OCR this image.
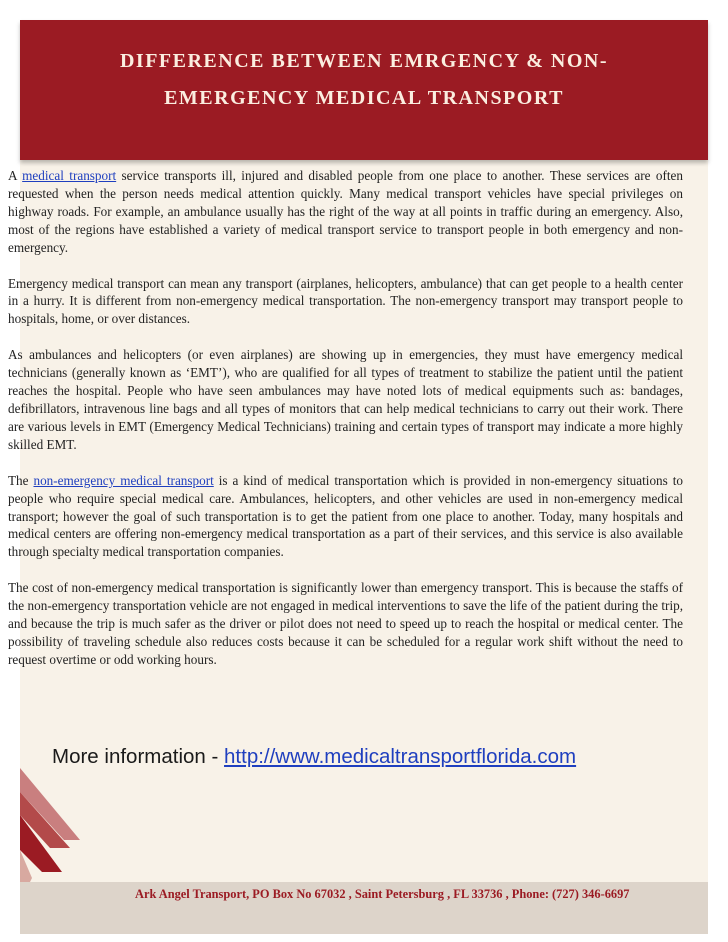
DIFFERENCE BETWEEN EMRGENCY & NON-
EMERGENCY MEDICAL TRANSPORT

A medical transport service transports ill, injured and disabled people from one place to another. These services are often requested when the person needs medical attention quickly. Many medical transport vehicles have special privileges on highway roads. For example, an ambulance usually has the right of the way at all points in traffic during an emergency. Also, most of the regions have established a variety of medical transport service to transport people in both emergency and non-emergency.

Emergency medical transport can mean any transport (airplanes, helicopters, ambulance) that can get people to a health center in a hurry. It is different from non-emergency medical transportation. The non-emergency transport may transport people to hospitals, home, or over distances.

As ambulances and helicopters (or even airplanes) are showing up in emergencies, they must have emergency medical technicians (generally known as ‘EMT’), who are qualified for all types of treatment to stabilize the patient until the patient reaches the hospital. People who have seen ambulances may have noted lots of medical equipments such as: bandages, defibrillators, intravenous line bags and all types of monitors that can help medical technicians to carry out their work. There are various levels in EMT (Emergency Medical Technicians) training and certain types of transport may indicate a more highly skilled EMT.

The non-emergency medical transport is a kind of medical transportation which is provided in non-emergency situations to people who require special medical care. Ambulances, helicopters, and other vehicles are used in non-emergency medical transport; however the goal of such transportation is to get the patient from one place to another. Today, many hospitals and medical centers are offering non-emergency medical transportation as a part of their services, and this service is also available through specialty medical transportation companies.

The cost of non-emergency medical transportation is significantly lower than emergency transport. This is because the staffs of the non-emergency transportation vehicle are not engaged in medical interventions to save the life of the patient during the trip, and because the trip is much safer as the driver or pilot does not need to speed up to reach the hospital or medical center. The possibility of traveling schedule also reduces costs because it can be scheduled for a regular work shift without the need to request overtime or odd working hours.

More information - http://www.medicaltransportflorida.com
Ark Angel Transport, PO Box No 67032 , Saint Petersburg , FL 33736 , Phone: (727) 346-6697
